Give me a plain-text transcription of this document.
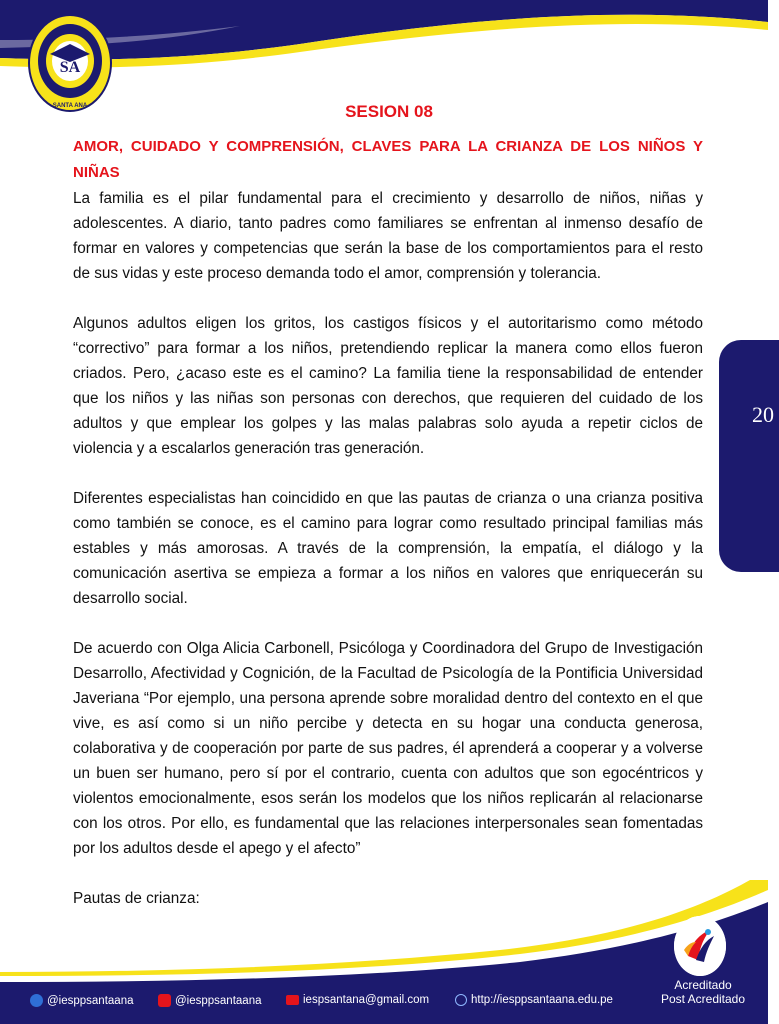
SA
SANTA ANA
20
SESION 08
AMOR, CUIDADO Y COMPRENSIÓN, CLAVES PARA LA CRIANZA DE LOS NIÑOS Y NIÑAS

La familia es el pilar fundamental para el crecimiento y desarrollo de niños, niñas y adolescentes. A diario, tanto padres como familiares se enfrentan al inmenso desafío de formar en valores y competencias que serán la base de los comportamientos para el resto de sus vidas y este proceso demanda todo el amor, comprensión y tolerancia.

Algunos adultos eligen los gritos, los castigos físicos y el autoritarismo como método “correctivo” para formar a los niños, pretendiendo replicar la manera como ellos fueron criados. Pero, ¿acaso este es el camino? La familia tiene la responsabilidad de entender que los niños y las niñas son personas con derechos, que requieren del cuidado de los adultos y que emplear los golpes y las malas palabras solo ayuda a repetir ciclos de violencia y a escalarlos generación tras generación.

Diferentes especialistas han coincidido en que las pautas de crianza o una crianza positiva como también se conoce, es el camino para lograr como resultado principal familias más estables y más amorosas. A través de la comprensión, la empatía, el diálogo y la comunicación asertiva se empieza a formar a los niños en valores que enriquecerán su desarrollo social.

De acuerdo con Olga Alicia Carbonell, Psicóloga y Coordinadora del Grupo de Investigación Desarrollo, Afectividad y Cognición, de la Facultad de Psicología de la Pontificia Universidad Javeriana “Por ejemplo, una persona aprende sobre moralidad dentro del contexto en el que vive, es así como si un niño percibe y detecta en su hogar una conducta generosa, colaborativa y de cooperación por parte de sus padres, él aprenderá a cooperar y a volverse un buen ser humano, pero sí por el contrario, cuenta con adultos que son egocéntricos y violentos emocionalmente, esos serán los modelos que los niños replicarán al relacionarse con los otros. Por ello, es fundamental que las relaciones interpersonales sean fomentadas por los adultos desde el apego y el afecto”

Pautas de crianza:

Acreditado
Post Acreditado
@iesppsantaana	@iesppsantaana	iespsantana@gmail.com	http://iesppsantaana.edu.pe
